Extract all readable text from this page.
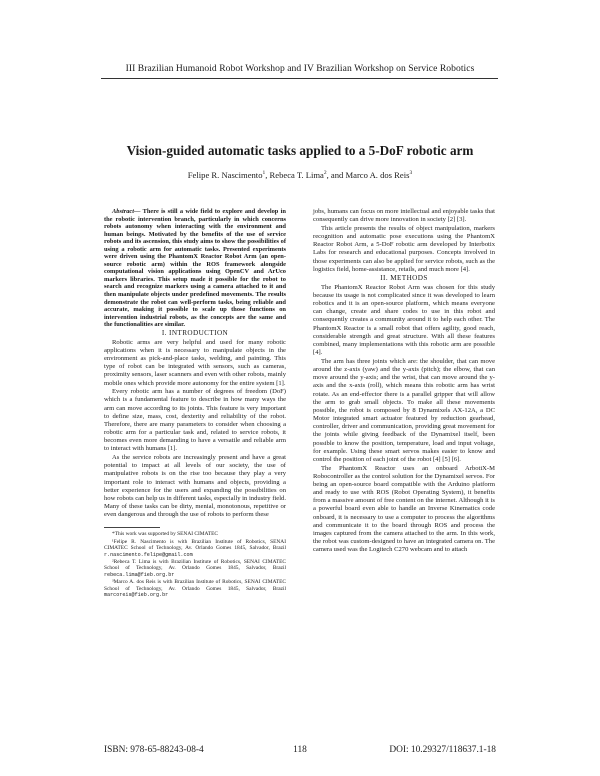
III Brazilian Humanoid Robot Workshop and IV Brazilian Workshop on Service Robotics
Vision-guided automatic tasks applied to a 5-DoF robotic arm
Felipe R. Nascimento$^1$, Rebeca T. Lima$^2$, and Marco A. dos Reis$^3$

Abstract— There is still a wide field to explore and develop in the robotic intervention branch, particularly in which concerns robots autonomy when interacting with the environment and human beings. Motivated by the benefits of the use of service robots and its ascension, this study aims to show the possibilities of using a robotic arm for automatic tasks. Presented experiments were driven using the PhantomX Reactor Robot Arm (an open-source robotic arm) within the ROS framework alongside computational vision applications using OpenCV and ArUco markers libraries. This setup made it possible for the robot to search and recognize markers using a camera attached to it and then manipulate objects under predefined movements. The results demonstrate the robot can well-perform tasks, being reliable and accurate, making it possible to scale up those functions on intervention industrial robots, as the concepts are the same and the functionalities are similar.

I. INTRODUCTION

Robotic arms are very helpful and used for many robotic applications when it is necessary to manipulate objects in the environment as pick-and-place tasks, welding, and painting. This type of robot can be integrated with sensors, such as cameras, proximity sensors, laser scanners and even with other robots, mainly mobile ones which provide more autonomy for the entire system [1].

Every robotic arm has a number of degrees of freedom (DoF) which is a fundamental feature to describe in how many ways the arm can move according to its joints. This feature is very important to define size, mass, cost, dexterity and reliability of the robot. Therefore, there are many parameters to consider when choosing a robotic arm for a particular task and, related to service robots, it becomes even more demanding to have a versatile and reliable arm to interact with humans [1].

As the service robots are increasingly present and have a great potential to impact at all levels of our society, the use of manipulative robots is on the rise too because they play a very important role to interact with humans and objects, providing a better experience for the users and expanding the possibilities on how robots can help us in different tasks, especially in industry field. Many of these tasks can be dirty, menial, monotonous, repetitive or even dangerous and through the use of robots to perform these

*This work was supported by SENAI CIMATEC

¹Felipe R. Nascimento is with Brazilian Institute of Robotics, SENAI CIMATEC School of Technology, Av. Orlando Gomes 1845, Salvador, Brazil r.nascimento.felipe@gmail.com

²Rebeca T. Lima is with Brazilian Institute of Robotics, SENAI CIMATEC School of Technology, Av. Orlando Gomes 1845, Salvador, Brazil rebeca.lima@fieb.org.br

³Marco A. dos Reis is with Brazilian Institute of Robotics, SENAI CIMATEC School of Technology, Av. Orlando Gomes 1845, Salvador, Brazil marcoreis@fieb.org.br

jobs, humans can focus on more intellectual and enjoyable tasks that consequently can drive more innovation in society [2] [3].

This article presents the results of object manipulation, markers recognition and automatic pose executions using the PhantomX Reactor Robot Arm, a 5-DoF robotic arm developed by Interbotix Labs for research and educational purposes. Concepts involved in those experiments can also be applied for service robots, such as the logistics field, home-assistance, retails, and much more [4].

II. METHODS

The PhantomX Reactor Robot Arm was chosen for this study because its usage is not complicated since it was developed to learn robotics and it is an open-source platform, which means everyone can change, create and share codes to use in this robot and consequently creates a community around it to help each other. The PhantomX Reactor is a small robot that offers agility, good reach, considerable strength and great structure. With all these features combined, many implementations with this robotic arm are possible [4].

The arm has three joints which are: the shoulder, that can move around the z-axis (yaw) and the y-axis (pitch); the elbow, that can move around the y-axis; and the wrist, that can move around the y-axis and the x-axis (roll), which means this robotic arm has wrist rotate. As an end-effector there is a parallel gripper that will allow the arm to grab small objects. To make all these movements possible, the robot is composed by 8 Dynamixels AX-12A, a DC Motor integrated smart actuator featured by reduction gearhead, controller, driver and communication, providing great movement for the joints while giving feedback of the Dynamixel itself, been possible to know the position, temperature, load and input voltage, for example. Using these smart servos makes easier to know and control the position of each joint of the robot [4] [5] [6].

The PhantomX Reactor uses an onboard ArbotiX-M Robocontroller as the control solution for the Dynamixel servos. For being an open-source board compatible with the Arduino platform and ready to use with ROS (Robot Operating System), it benefits from a massive amount of free content on the internet. Although it is a powerful board even able to handle an Inverse Kinematics code onboard, it is necessary to use a computer to process the algorithms and communicate it to the board through ROS and process the images captured from the camera attached to the arm. In this work, the robot was custom-designed to have an integrated camera on. The camera used was the Logitech C270 webcam and to attach

ISBN: 978-65-88243-08-4	118	DOI: 10.29327/118637.1-18
